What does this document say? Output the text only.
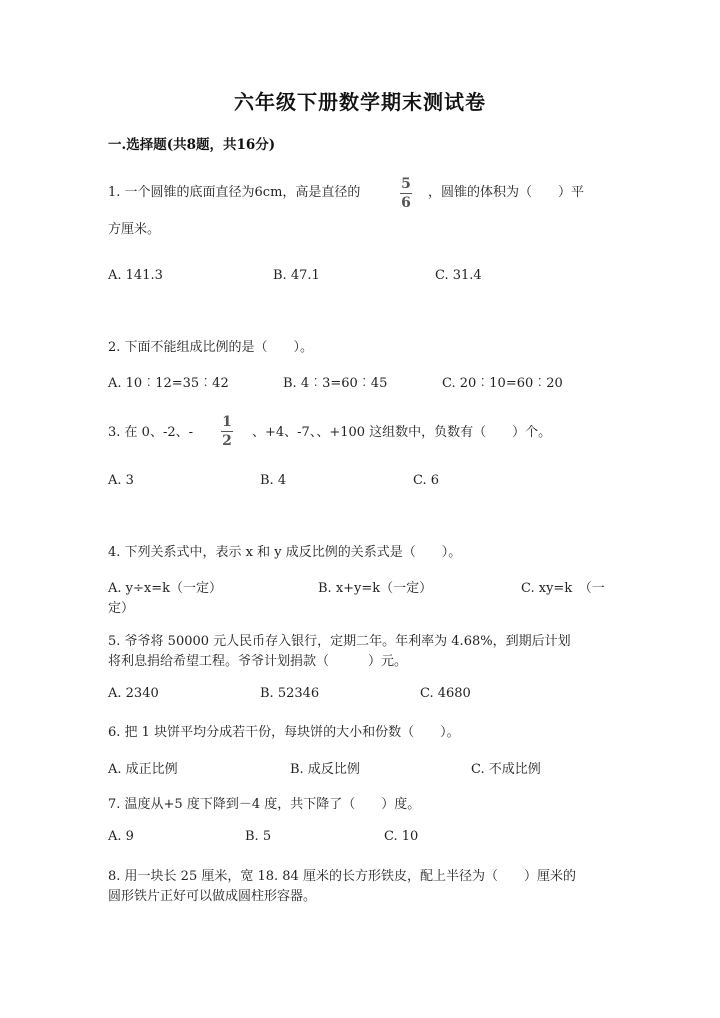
六年级下册数学期末测试卷
一.选择题(共8题，共16分)
1. 一个圆锥的底面直径为6cm，高是直径的
5
6
，圆锥的体积为（　　）平
方厘米。
A. 141.3	B. 47.1	C. 31.4
2. 下面不能组成比例的是（　　）。
A. 10︰12=35︰42	B. 4︰3=60︰45	C. 20︰10=60︰20
3. 在 0、-2、-
1
2
、+4、-7、、+100 这组数中，负数有（　　）个。
A. 3	B. 4	C. 6
4. 下列关系式中，表示 x 和 y 成反比例的关系式是（　　）。
A. y÷x=k（一定）	B. x+y=k（一定）	C. xy=k　（一
定）
5. 爷爷将 50000 元人民币存入银行，定期二年。年利率为 4.68%，到期后计划
将利息捐给希望工程。爷爷计划捐款（　　　）元。
A. 2340	B. 52346	C. 4680
6. 把 1 块饼平均分成若干份，每块饼的大小和份数（　　）。
A. 成正比例	B. 成反比例	C. 不成比例
7. 温度从+5 度下降到－4 度，共下降了（　　）度。
A. 9	B. 5	C. 10
8. 用一块长 25 厘米，宽 18. 84 厘米的长方形铁皮，配上半径为（　　）厘米的
圆形铁片正好可以做成圆柱形容器。
